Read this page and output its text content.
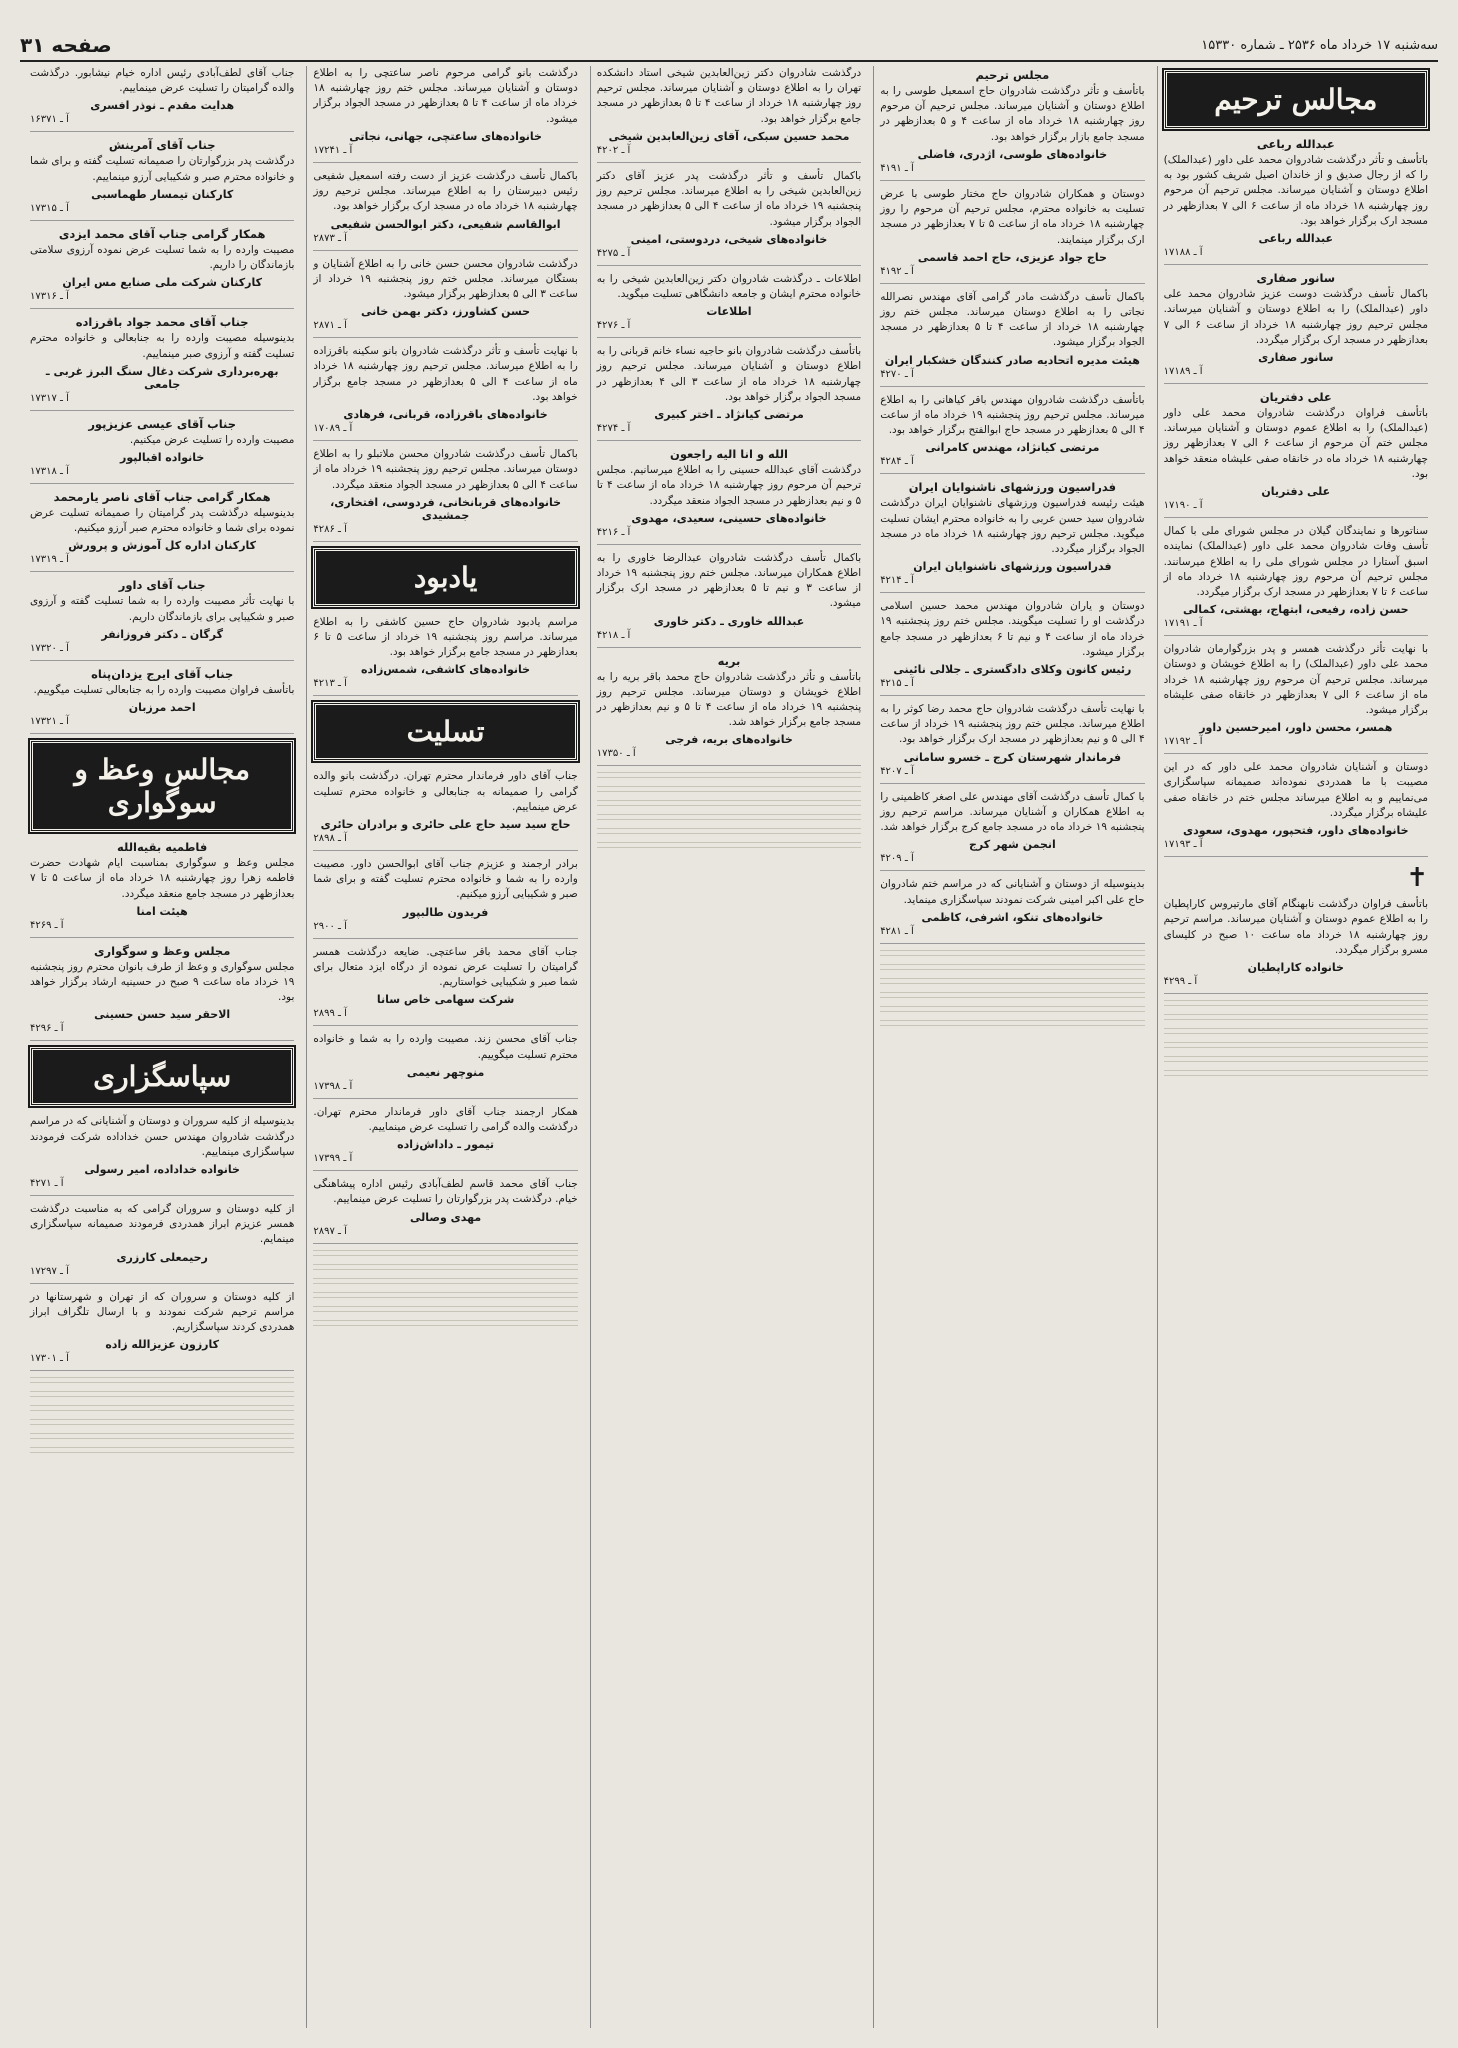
سه‌شنبه ۱۷ خرداد ماه ۲۵۳۶ ـ شماره ۱۵۳۳۰
صفحه ۳۱
مجالس ترحیم

عبدالله رباعی

باتأسف و تأثر درگذشت شادروان محمد علی داور (عبدالملک) را که از رجال صدیق و از خاندان اصیل شریف کشور بود به اطلاع دوستان و آشنایان میرساند. مجلس ترحیم آن مرحوم روز چهارشنبه ۱۸ خرداد ماه از ساعت ۶ الی ۷ بعدازظهر در مسجد ارک برگزار خواهد بود.

عبدالله رباعی

آ ـ ۱۷۱۸۸

سانور صفاری

باکمال تأسف درگذشت دوست عزیز شادروان محمد علی داور (عبدالملک) را به اطلاع دوستان و آشنایان میرساند. مجلس ترحیم روز چهارشنبه ۱۸ خرداد از ساعت ۶ الی ۷ بعدازظهر در مسجد ارک برگزار میگردد.

سانور صفاری

آ ـ ۱۷۱۸۹

علی دفتریان

باتأسف فراوان درگذشت شادروان محمد علی داور (عبدالملک) را به اطلاع عموم دوستان و آشنایان میرساند. مجلس ختم آن مرحوم از ساعت ۶ الی ۷ بعدازظهر روز چهارشنبه ۱۸ خرداد ماه در خانقاه صفی علیشاه منعقد خواهد بود.

علی دفتریان

آ ـ ۱۷۱۹۰

سناتورها و نمایندگان گیلان در مجلس شورای ملی با کمال تأسف وفات شادروان محمد علی داور (عبدالملک) نماینده اسبق آستارا در مجلس شورای ملی را به اطلاع میرسانند. مجلس ترحیم آن مرحوم روز چهارشنبه ۱۸ خرداد ماه از ساعت ۶ تا ۷ بعدازظهر در مسجد ارک برگزار میگردد.

حسن زاده، رفیعی، ابتهاج، بهشتی، کمالی

آ ـ ۱۷۱۹۱

با نهایت تأثر درگذشت همسر و پدر بزرگوارمان شادروان محمد علی داور (عبدالملک) را به اطلاع خویشان و دوستان میرساند. مجلس ترحیم آن مرحوم روز چهارشنبه ۱۸ خرداد ماه از ساعت ۶ الی ۷ بعدازظهر در خانقاه صفی علیشاه برگزار میشود.

همسر، محسن داور، امیرحسین داور

آ ـ ۱۷۱۹۲

دوستان و آشنایان شادروان محمد علی داور که در این مصیبت با ما همدردی نموده‌اند صمیمانه سپاسگزاری می‌نماییم و به اطلاع میرساند مجلس ختم در خانقاه صفی علیشاه برگزار میگردد.

خانواده‌های داور، فتحپور، مهدوی، سعودی

آ ـ ۱۷۱۹۳

✝

باتأسف فراوان درگذشت نابهنگام آقای مارتیروس کاراپطیان را به اطلاع عموم دوستان و آشنایان میرساند. مراسم ترحیم روز چهارشنبه ۱۸ خرداد ماه ساعت ۱۰ صبح در کلیسای مسرو برگزار میگردد.

خانواده کاراپطیان

آ ـ ۴۲۹۹

مجلس ترحیم

باتأسف و تأثر درگذشت شادروان حاج اسمعیل طوسی را به اطلاع دوستان و آشنایان میرساند. مجلس ترحیم آن مرحوم روز چهارشنبه ۱۸ خرداد ماه از ساعت ۴ و ۵ بعدازظهر در مسجد جامع بازار برگزار خواهد بود.

خانواده‌های طوسی، اژدری، فاضلی

آ ـ ۴۱۹۱

دوستان و همکاران شادروان حاج مختار طوسی با عرض تسلیت به خانواده محترم، مجلس ترحیم آن مرحوم را روز چهارشنبه ۱۸ خرداد ماه از ساعت ۵ تا ۷ بعدازظهر در مسجد ارک برگزار مینمایند.

حاج جواد عزیزی، حاج احمد قاسمی

آ ـ ۴۱۹۲

باکمال تأسف درگذشت مادر گرامی آقای مهندس نصرالله نجاتی را به اطلاع دوستان میرساند. مجلس ختم روز چهارشنبه ۱۸ خرداد از ساعت ۴ تا ۵ بعدازظهر در مسجد الجواد برگزار میشود.

هیئت مدیره اتحادیه صادر کنندگان خشکبار ایران

آ ـ ۴۲۷۰

باتأسف درگذشت شادروان مهندس باقر کیاهانی را به اطلاع میرساند. مجلس ترحیم روز پنجشنبه ۱۹ خرداد ماه از ساعت ۴ الی ۵ بعدازظهر در مسجد حاج ابوالفتح برگزار خواهد بود.

مرتضی کیانژاد، مهندس کامرانی

آ ـ ۴۲۸۴

فدراسیون ورزشهای ناشنوایان ایران

هیئت رئیسه فدراسیون ورزشهای ناشنوایان ایران درگذشت شادروان سید حسن عربی را به خانواده محترم ایشان تسلیت میگوید. مجلس ترحیم روز چهارشنبه ۱۸ خرداد ماه در مسجد الجواد برگزار میگردد.

فدراسیون ورزشهای ناشنوایان ایران

آ ـ ۴۲۱۴

دوستان و یاران شادروان مهندس محمد حسین اسلامی درگذشت او را تسلیت میگویند. مجلس ختم روز پنجشنبه ۱۹ خرداد ماه از ساعت ۴ و نیم تا ۶ بعدازظهر در مسجد جامع برگزار میشود.

رئیس کانون وکلای دادگستری ـ جلالی نائینی

آ ـ ۴۲۱۵

با نهایت تأسف درگذشت شادروان حاج محمد رضا کوثر را به اطلاع میرساند. مجلس ختم روز پنجشنبه ۱۹ خرداد از ساعت ۴ الی ۵ و نیم بعدازظهر در مسجد ارک برگزار خواهد بود.

فرماندار شهرستان کرج ـ خسرو سامانی

آ ـ ۴۲۰۷

با کمال تأسف درگذشت آقای مهندس علی اصغر کاظمینی را به اطلاع همکاران و آشنایان میرساند. مراسم ترحیم روز پنجشنبه ۱۹ خرداد ماه در مسجد جامع کرج برگزار خواهد شد.

انجمن شهر کرج

آ ـ ۴۲۰۹

بدینوسیله از دوستان و آشنایانی که در مراسم ختم شادروان حاج علی اکبر امینی شرکت نمودند سپاسگزاری مینماید.

خانواده‌های تنکو، اشرفی، کاظمی

آ ـ ۴۲۸۱

درگذشت شادروان دکتر زین‌العابدین شیخی استاد دانشکده تهران را به اطلاع دوستان و آشنایان میرساند. مجلس ترحیم روز چهارشنبه ۱۸ خرداد از ساعت ۴ تا ۵ بعدازظهر در مسجد جامع برگزار خواهد بود.

محمد حسین سبکی، آقای زین‌العابدین شیخی

آ ـ ۴۲۰۲

باکمال تأسف و تأثر درگذشت پدر عزیز آقای دکتر زین‌العابدین شیخی را به اطلاع میرساند. مجلس ترحیم روز پنجشنبه ۱۹ خرداد ماه از ساعت ۴ الی ۵ بعدازظهر در مسجد الجواد برگزار میشود.

خانواده‌های شیخی، دردوستی، امینی

آ ـ ۴۲۷۵

اطلاعات ـ درگذشت شادروان دکتر زین‌العابدین شیخی را به خانواده محترم ایشان و جامعه دانشگاهی تسلیت میگوید.

اطلاعات

آ ـ ۴۲۷۶

باتأسف درگذشت شادروان بانو حاجیه نساء خانم قربانی را به اطلاع دوستان و آشنایان میرساند. مجلس ترحیم روز چهارشنبه ۱۸ خرداد ماه از ساعت ۳ الی ۴ بعدازظهر در مسجد الجواد برگزار خواهد بود.

مرتضی کیانژاد ـ اختر کبیری

آ ـ ۴۲۷۴

الله و انا الیه راجعون

درگذشت آقای عبدالله حسینی را به اطلاع میرسانیم. مجلس ترحیم آن مرحوم روز چهارشنبه ۱۸ خرداد ماه از ساعت ۴ تا ۵ و نیم بعدازظهر در مسجد الجواد منعقد میگردد.

خانواده‌های حسینی، سعیدی، مهدوی

آ ـ ۴۲۱۶

باکمال تأسف درگذشت شادروان عبدالرضا خاوری را به اطلاع همکاران میرساند. مجلس ختم روز پنجشنبه ۱۹ خرداد از ساعت ۳ و نیم تا ۵ بعدازظهر در مسجد ارک برگزار میشود.

عبدالله خاوری ـ دکتر خاوری

آ ـ ۴۲۱۸

بریه

باتأسف و تأثر درگذشت شادروان حاج محمد باقر بریه را به اطلاع خویشان و دوستان میرساند. مجلس ترحیم روز پنجشنبه ۱۹ خرداد ماه از ساعت ۴ تا ۵ و نیم بعدازظهر در مسجد جامع برگزار خواهد شد.

خانواده‌های بریه، فرجی

آ ـ ۱۷۳۵۰

درگذشت بانو گرامی مرحوم ناصر ساعتچی را به اطلاع دوستان و آشنایان میرساند. مجلس ختم روز چهارشنبه ۱۸ خرداد ماه از ساعت ۴ تا ۵ بعدازظهر در مسجد الجواد برگزار میشود.

خانواده‌های ساعتچی، جهانی، نجاتی

آ ـ ۱۷۲۴۱

باکمال تأسف درگذشت عزیز از دست رفته اسمعیل شفیعی رئیس دبیرستان را به اطلاع میرساند. مجلس ترحیم روز چهارشنبه ۱۸ خرداد ماه در مسجد ارک برگزار خواهد بود.

ابوالقاسم شفیعی، دکتر ابوالحسن شفیعی

آ ـ ۲۸۷۳

درگذشت شادروان محسن حسن خانی را به اطلاع آشنایان و بستگان میرساند. مجلس ختم روز پنجشنبه ۱۹ خرداد از ساعت ۳ الی ۵ بعدازظهر برگزار میشود.

حسن کشاورز، دکتر بهمن خانی

آ ـ ۲۸۷۱

با نهایت تأسف و تأثر درگذشت شادروان بانو سکینه باقرزاده را به اطلاع میرساند. مجلس ترحیم روز چهارشنبه ۱۸ خرداد ماه از ساعت ۴ الی ۵ بعدازظهر در مسجد جامع برگزار خواهد بود.

خانواده‌های باقرزاده، قربانی، فرهادی

آ ـ ۱۷۰۸۹

باکمال تأسف درگذشت شادروان محسن ملاتبلو را به اطلاع دوستان میرساند. مجلس ترحیم روز پنجشنبه ۱۹ خرداد ماه از ساعت ۴ الی ۵ بعدازظهر در مسجد الجواد منعقد میگردد.

خانواده‌های قربانخانی، فردوسی، افتخاری، جمشیدی

آ ـ ۴۲۸۶

یادبود

مراسم یادبود شادروان حاج حسین کاشفی را به اطلاع میرساند. مراسم روز پنجشنبه ۱۹ خرداد از ساعت ۵ تا ۶ بعدازظهر در مسجد جامع برگزار خواهد بود.

خانواده‌های کاشفی، شمس‌زاده

آ ـ ۴۲۱۳

تسلیت

جناب آقای داور فرماندار محترم تهران. درگذشت بانو والده گرامی را صمیمانه به جنابعالی و خانواده محترم تسلیت عرض مینماییم.

حاج سید سید حاج علی حائری و برادران حائری

آ ـ ۲۸۹۸

برادر ارجمند و عزیزم جناب آقای ابوالحسن داور. مصیبت وارده را به شما و خانواده محترم تسلیت گفته و برای شما صبر و شکیبایی آرزو میکنیم.

فریدون طالبپور

آ ـ ۲۹۰۰

جناب آقای محمد باقر ساعتچی. ضایعه درگذشت همسر گرامیتان را تسلیت عرض نموده از درگاه ایزد متعال برای شما صبر و شکیبایی خواستاریم.

شرکت سهامی خاص سانا

آ ـ ۲۸۹۹

جناب آقای محسن زند. مصیبت وارده را به شما و خانواده محترم تسلیت میگوییم.

منوچهر نعیمی

آ ـ ۱۷۳۹۸

همکار ارجمند جناب آقای داور فرماندار محترم تهران. درگذشت والده گرامی را تسلیت عرض مینماییم.

تیمور ـ داداش‌زاده

آ ـ ۱۷۳۹۹

جناب آقای محمد قاسم لطف‌آبادی رئیس اداره پیشاهنگی خیام. درگذشت پدر بزرگوارتان را تسلیت عرض مینماییم.

مهدی وصالی

آ ـ ۲۸۹۷

جناب آقای لطف‌آبادی رئیس اداره خیام نیشابور. درگذشت والده گرامیتان را تسلیت عرض مینماییم.

هدایت مقدم ـ نوذر افسری

آ ـ ۱۶۳۷۱

جناب آقای آمرینش

درگذشت پدر بزرگوارتان را صمیمانه تسلیت گفته و برای شما و خانواده محترم صبر و شکیبایی آرزو مینماییم.

کارکنان تیمسار طهماسبی

آ ـ ۱۷۳۱۵

همکار گرامی جناب آقای محمد ایزدی

مصیبت وارده را به شما تسلیت عرض نموده آرزوی سلامتی بازماندگان را داریم.

کارکنان شرکت ملی صنایع مس ایران

آ ـ ۱۷۳۱۶

جناب آقای محمد جواد باقرزاده

بدینوسیله مصیبت وارده را به جنابعالی و خانواده محترم تسلیت گفته و آرزوی صبر مینماییم.

بهره‌برداری شرکت دغال سنگ البرز غربی ـ جامعی

آ ـ ۱۷۳۱۷

جناب آقای عیسی عزیزپور

مصیبت وارده را تسلیت عرض میکنیم.

خانواده اقبالپور

آ ـ ۱۷۳۱۸

همکار گرامی جناب آقای ناصر یارمحمد

بدینوسیله درگذشت پدر گرامیتان را صمیمانه تسلیت عرض نموده برای شما و خانواده محترم صبر آرزو میکنیم.

کارکنان اداره کل آموزش و پرورش

آ ـ ۱۷۳۱۹

جناب آقای داور

با نهایت تأثر مصیبت وارده را به شما تسلیت گفته و آرزوی صبر و شکیبایی برای بازماندگان داریم.

گرگان ـ دکتر فروزانفر

آ ـ ۱۷۳۲۰

جناب آقای ایرج یزدان‌پناه

باتأسف فراوان مصیبت وارده را به جنابعالی تسلیت میگوییم.

احمد مرزبان

آ ـ ۱۷۳۲۱

مجالس وعظ و سوگواری

فاطمیه بقیه‌الله

مجلس وعظ و سوگواری بمناسبت ایام شهادت حضرت فاطمه زهرا روز چهارشنبه ۱۸ خرداد ماه از ساعت ۵ تا ۷ بعدازظهر در مسجد جامع منعقد میگردد.

هیئت امنا

آ ـ ۴۲۶۹

مجلس وعظ و سوگواری

مجلس سوگواری و وعظ از طرف بانوان محترم روز پنجشنبه ۱۹ خرداد ماه ساعت ۹ صبح در حسینیه ارشاد برگزار خواهد بود.

الاحقر سید حسن حسینی

آ ـ ۴۲۹۶

سپاسگزاری

بدینوسیله از کلیه سروران و دوستان و آشنایانی که در مراسم درگذشت شادروان مهندس حسن خداداده شرکت فرمودند سپاسگزاری مینماییم.

خانواده خداداده، امیر رسولی

آ ـ ۴۲۷۱

از کلیه دوستان و سروران گرامی که به مناسبت درگذشت همسر عزیزم ابراز همدردی فرمودند صمیمانه سپاسگزاری مینمایم.

رحیمعلی کارزری

آ ـ ۱۷۲۹۷

از کلیه دوستان و سروران که از تهران و شهرستانها در مراسم ترحیم شرکت نمودند و با ارسال تلگراف ابراز همدردی کردند سپاسگزاریم.

کارزون عزیزالله زاده

آ ـ ۱۷۳۰۱
